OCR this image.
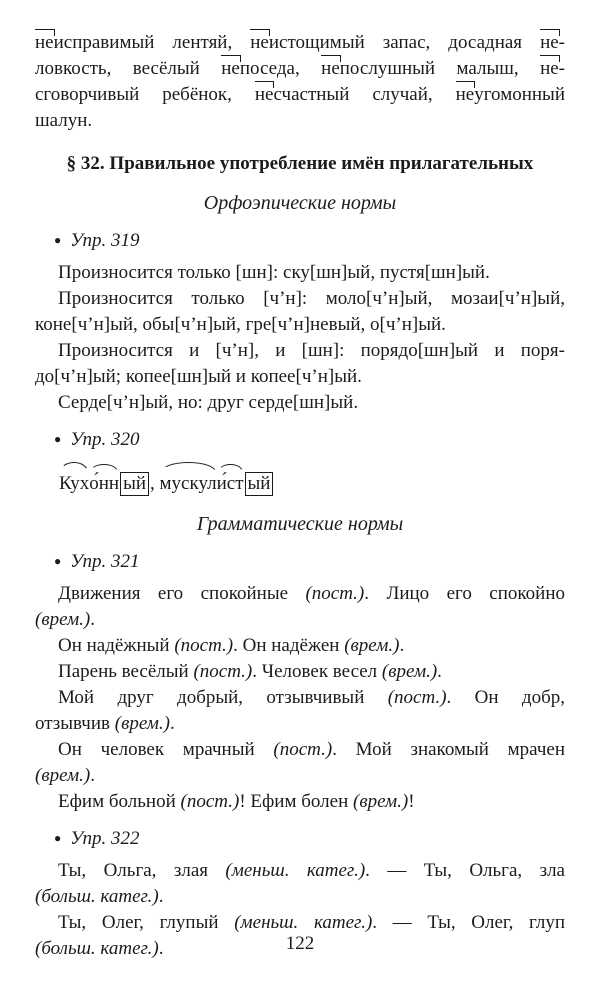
неисправимый лентяй, неистощимый запас, досадная не-
ловкость, весёлый непоседа, непослушный малыш, не-
сговорчивый ребёнок, несчастный случай, неугомонный
шалун.
§ 32. Правильное употребление имён прилагательных
Орфоэпические нормы
● Упр. 319
Произносится только [шн]: ску[шн]ый, пустя[шн]ый.
Произносится только [ч’н]: моло[ч’н]ый, мозаи[ч’н]ый,
коне[ч’н]ый, обы[ч’н]ый, гре[ч’н]невый, о[ч’н]ый.
Произносится и [ч’н], и [шн]: порядо[шн]ый и поря-
до[ч’н]ый; копее[шн]ый и копее[ч’н]ый.
Серде[ч’н]ый, но: друг серде[шн]ый.
● Упр. 320
Кухо́нн ый , мускули́ст ый
Грамматические нормы
● Упр. 321
Движения его спокойные (пост.). Лицо его спокойно
(врем.).
Он надёжный (пост.). Он надёжен (врем.).
Парень весёлый (пост.). Человек весел (врем.).
Мой друг добрый, отзывчивый (пост.). Он добр,
отзывчив (врем.).
Он человек мрачный (пост.). Мой знакомый мрачен
(врем.).
Ефим больной (пост.)! Ефим болен (врем.)!
● Упр. 322
Ты, Ольга, злая (меньш. катег.). — Ты, Ольга, зла
(больш. катег.).
Ты, Олег, глупый (меньш. катег.). — Ты, Олег, глуп
(больш. катег.).	122
